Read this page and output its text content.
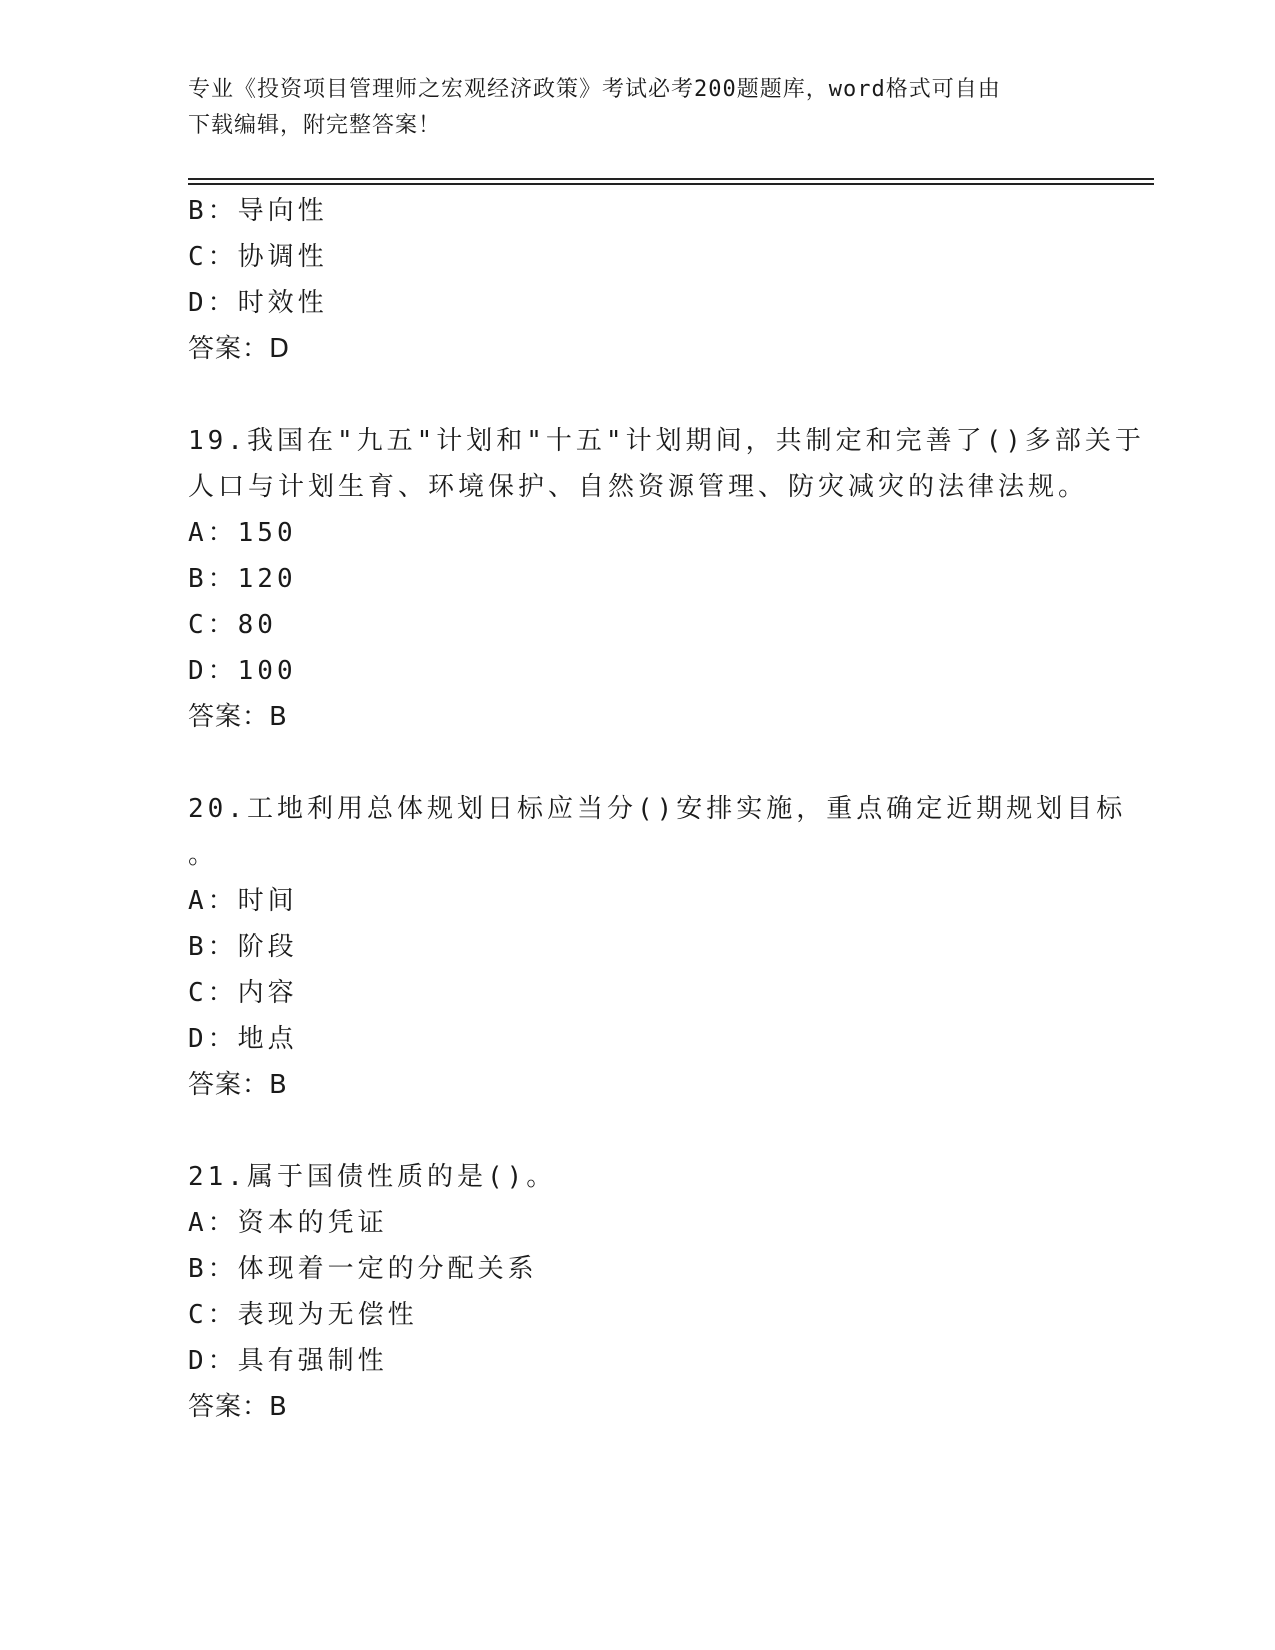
专业《投资项目管理师之宏观经济政策》考试必考200题题库，word格式可自由
下载编辑，附完整答案！
B：导向性
C：协调性
D：时效性
答案：D
19.我国在"九五"计划和"十五"计划期间，共制定和完善了()多部关于
人口与计划生育、环境保护、自然资源管理、防灾减灾的法律法规。
A：150
B：120
C：80
D：100
答案：B
20.工地利用总体规划日标应当分()安排实施，重点确定近期规划目标
。
A：时间
B：阶段
C：内容
D：地点
答案：B
21.属于国债性质的是()。
A：资本的凭证
B：体现着一定的分配关系
C：表现为无偿性
D：具有强制性
答案：B
